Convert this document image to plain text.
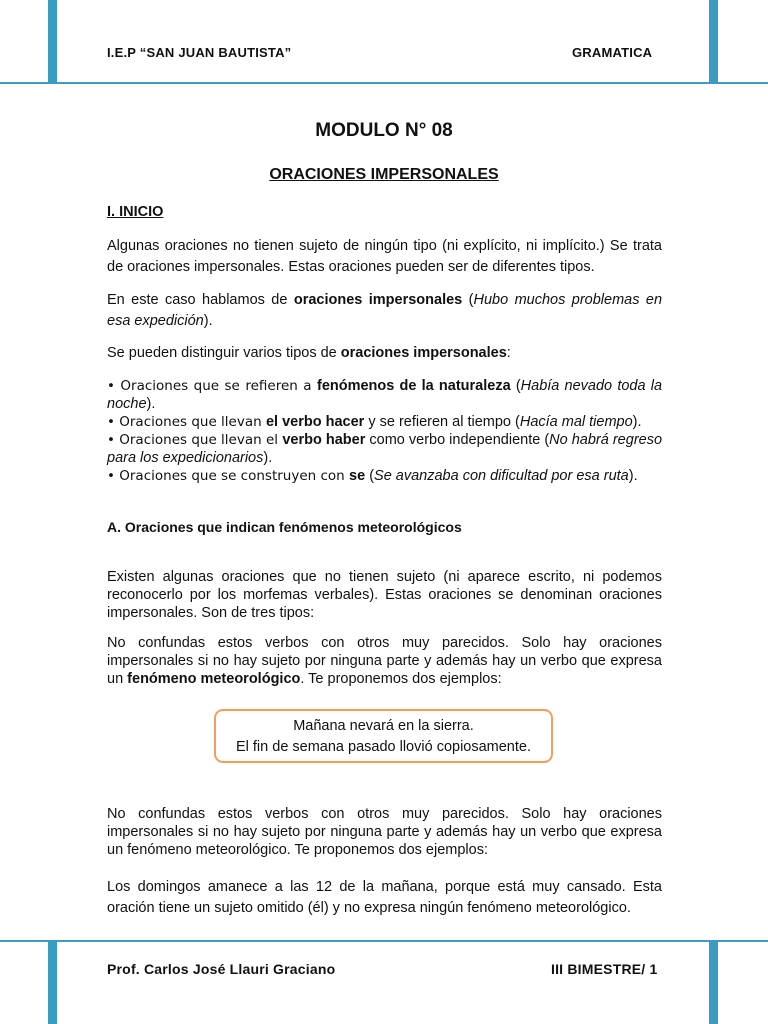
I.E.P “SAN JUAN BAUTISTA”	GRAMATICA
MODULO N° 08
ORACIONES IMPERSONALES
I. INICIO

Algunas oraciones no tienen sujeto de ningún tipo (ni explícito, ni implícito.) Se trata de oraciones impersonales. Estas oraciones pueden ser de diferentes tipos.

En este caso hablamos de oraciones impersonales (Hubo muchos problemas en esa expedición).

Se pueden distinguir varios tipos de oraciones impersonales:

• Oraciones que se refieren a fenómenos de la naturaleza (Había nevado toda la noche).
• Oraciones que llevan el verbo hacer y se refieren al tiempo (Hacía mal tiempo).
• Oraciones que llevan el verbo haber como verbo independiente (No habrá regreso para los expedicionarios).
• Oraciones que se construyen con se (Se avanzaba con dificultad por esa ruta).
A. Oraciones que indican fenómenos meteorológicos

Existen algunas oraciones que no tienen sujeto (ni aparece escrito, ni podemos reconocerlo por los morfemas verbales). Estas oraciones se denominan oraciones impersonales. Son de tres tipos:

No confundas estos verbos con otros muy parecidos. Solo hay oraciones impersonales si no hay sujeto por ninguna parte y además hay un verbo que expresa un fenómeno meteorológico. Te proponemos dos ejemplos:

Mañana nevará en la sierra.
El fin de semana pasado llovió copiosamente.

No confundas estos verbos con otros muy parecidos. Solo hay oraciones impersonales si no hay sujeto por ninguna parte y además hay un verbo que expresa un fenómeno meteorológico. Te proponemos dos ejemplos:

Los domingos amanece a las 12 de la mañana, porque está muy cansado. Esta oración tiene un sujeto omitido (él) y no expresa ningún fenómeno meteorológico.

Prof. Carlos José Llauri Graciano	III BIMESTRE/ 1
